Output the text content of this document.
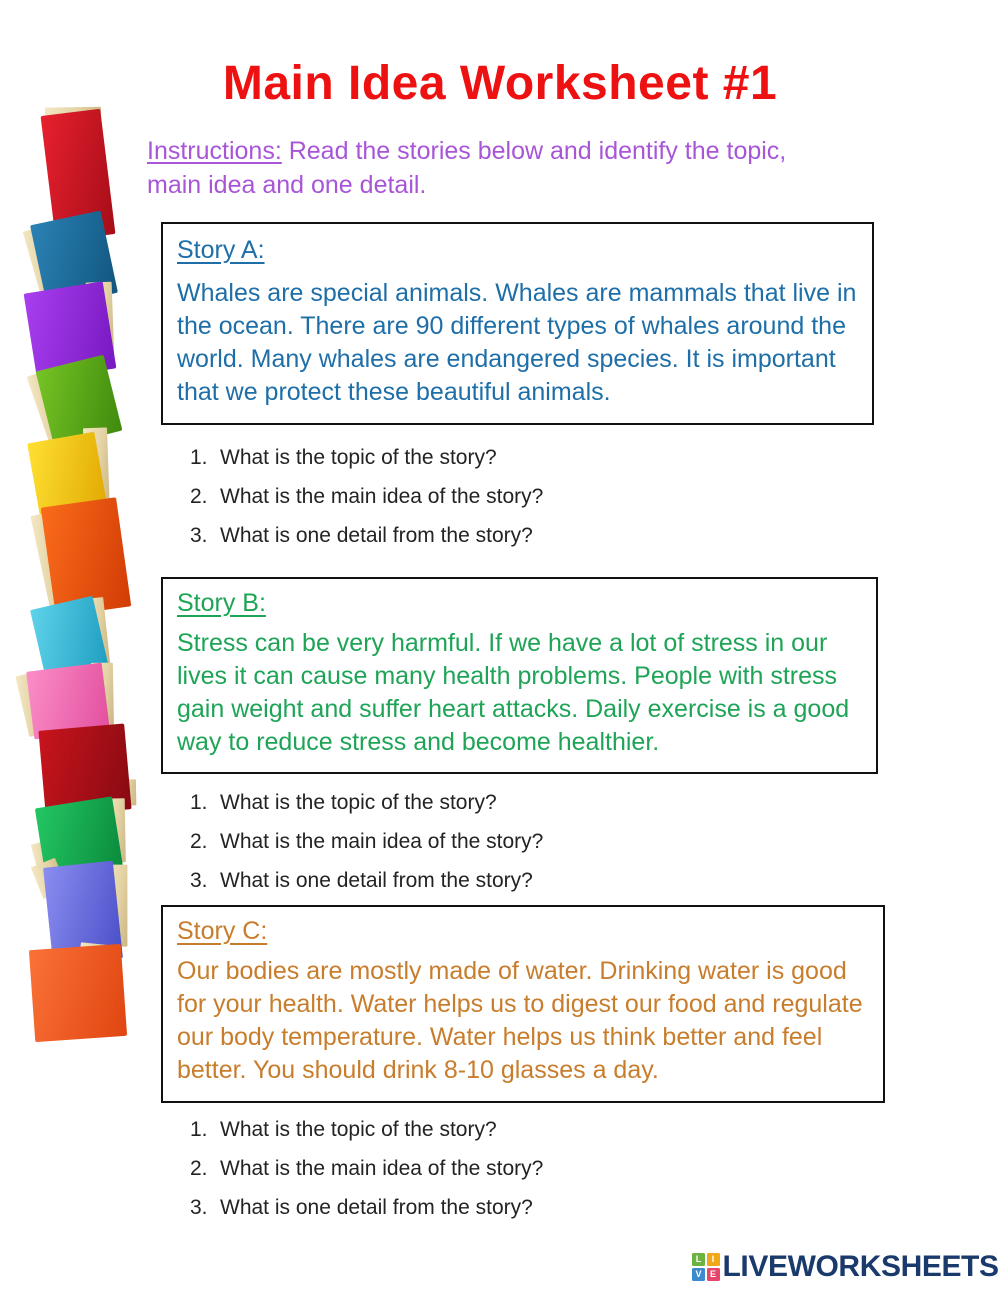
Main Idea Worksheet #1
Instructions: Read the stories below and identify the topic, main idea and one detail.
Story A:

Whales are special animals. Whales are mammals that live in the ocean. There are 90 different types of whales around the world. Many whales are endangered species. It is important that we protect these beautiful animals.

1. What is the topic of the story?
2. What is the main idea of the story?
3. What is one detail from the story?
Story B:

Stress can be very harmful. If we have a lot of stress in our lives it can cause many health problems. People with stress gain weight and suffer heart attacks. Daily exercise is a good way to reduce stress and become healthier.

1. What is the topic of the story?
2. What is the main idea of the story?
3. What is one detail from the story?
Story C:

Our bodies are mostly made of water. Drinking water is good for your health. Water helps us to digest our food and regulate our body temperature. Water helps us think better and feel better. You should drink 8-10 glasses a day.

1. What is the topic of the story?
2. What is the main idea of the story?
3. What is one detail from the story?
L	I
V E LIVEWORKSHEETS
